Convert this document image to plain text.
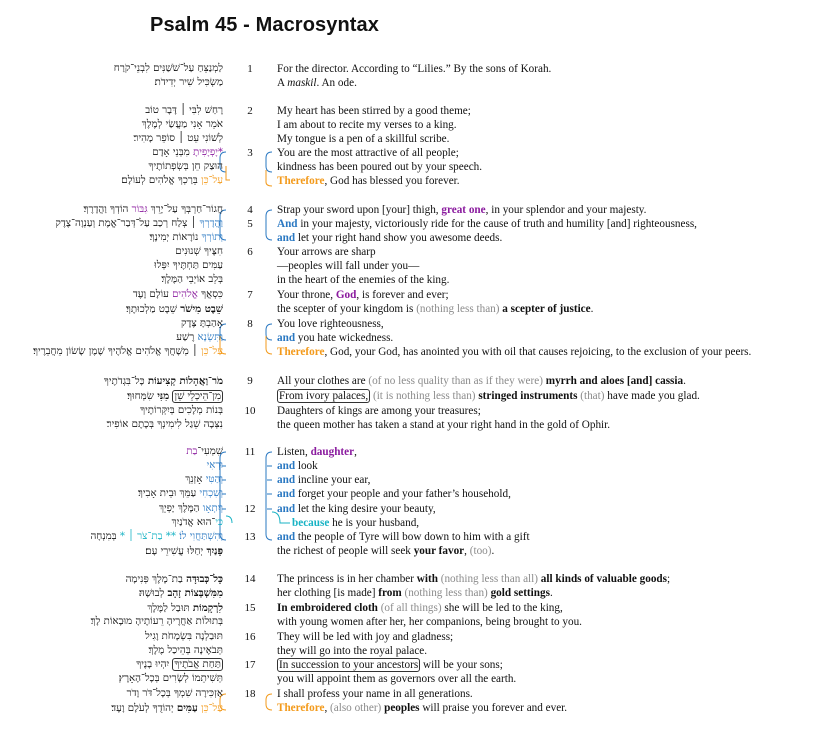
Psalm 45 - Macrosyntax
לַמְנַצֵּחַ עַל־שֹׁשַׁנִּים לִבְנֵי־קֹרַח	1	For the director. According to “Lilies.” By the sons of Korah.
מַשְׂכִּיל שִׁיר יְדִידֹת׃	A maskil. An ode.
רָחַשׁ לִבִּי ׀ דָּבָר טוֹב	2	My heart has been stirred by a good theme;
אֹמֵר אָנִי מַעֲשַׂי לְמֶלֶךְ	I am about to recite my verses to a king.
לְשׁוֹנִי עֵט ׀ סוֹפֵר מָהִיר׃	My tongue is a pen of a skillful scribe.
*יָפְיָפִיתָ מִבְּנֵי אָדָם	3	You are the most attractive of all people;
הוּצַק חֵן בְּשְׂפְתוֹתֶיךָ	kindness has been poured out by your speech.
עַל־כֵּן בֵּרַכְךָ אֱלֹהִים לְעוֹלָם׃	Therefore, God has blessed you forever.
חֲגוֹר־חַרְבְּךָ עַל־יָרֵךְ גִּבּוֹר הוֹדְךָ וַהֲדָרֶךָ׃	4	Strap your sword upon [your] thigh, great one, in your splendor and your majesty.
וַהֲדָרְךָ ׀ צְלַח רְכַב עַל־דְּבַר־אֱמֶת וְעַנְוָה־צֶדֶק	5	And in your majesty, victoriously ride for the cause of truth and humility [and] righteousness,
וְתוֹרְךָ נוֹרָאוֹת יְמִינֶךָ׃	and let your right hand show you awesome deeds.
חִצֶּיךָ שְׁנוּנִים	6	Your arrows are sharp
עַמִּים תַּחְתֶּיךָ יִפְּלוּ	—peoples will fall under you—
בְּלֵב אוֹיְבֵי הַמֶּלֶךְ׃	in the heart of the enemies of the king.
כִּסְאֲךָ אֱלֹהִים עוֹלָם וָעֶד	7	Your throne, God, is forever and ever;
שֵׁבֶט מִישֹׁר שֵׁבֶט מַלְכוּתֶךָ׃	the scepter of your kingdom is (nothing less than) a scepter of justice.
אָהַבְתָּ צֶּדֶק	8	You love righteousness,
וַתִּשְׂנָא רֶשַׁע	and you hate wickedness.
עַל־כֵּן ׀ מְשָׁחֲךָ אֱלֹהִים אֱלֹהֶיךָ שֶׁמֶן שָׂשׂוֹן מֵחֲבֵרֶיךָ׃	Therefore, God, your God, has anointed you with oil that causes rejoicing, to the exclusion of your peers.
מֹר־וַאֲהָלוֹת קְצִיעוֹת כָּל־בִּגְדֹתֶיךָ	9	All your clothes are (of no less quality than as if they were) myrrh and aloes [and] cassia.
מִן־הֵיכְלֵי שֵׁן מִנִּי שִׂמְּחוּךָ׃	From ivory palaces, (it is nothing less than) stringed instruments (that) have made you glad.
בְּנוֹת מְלָכִים בְּיִקְּרוֹתֶיךָ 10 Daughters of kings are among your treasures;
נִצְּבָה שֵׁגַל לִימִינְךָ בְּכֶתֶם אוֹפִיר׃	the queen mother has taken a stand at your right hand in the gold of Ophir.
שִׁמְעִי־בַת	11 Listen, daughter,
וּרְאִי	and look
וְהַטִּי אָזְנֵךְ	and incline your ear,
וְשִׁכְחִי עַמֵּךְ וּבֵית אָבִיךְ׃	and forget your people and your father’s household,
וְיִתְאָו הַמֶּלֶךְ יָפְיֵךְ	12 and let the king desire your beauty,
כִּי־הוּא אֲדֹנַיִךְ	because he is your husband,
וְהִשְׁתַּחֲוִי לוֹ׃ ** בַת־צֹר ׀ * בְּמִנְחָה	13 and the people of Tyre will bow down to him with a gift
פָּנַיִךְ יְחַלּוּ עֲשִׁירֵי עָם׃	the richest of people will seek your favor, (too).
כָּל־כְּבוּדָּה בַת־מֶלֶךְ פְּנִימָה	14 The princess is in her chamber with (nothing less than all) all kinds of valuable goods;
מִמִּשְׁבְּצוֹת זָהָב לְבוּשָׁהּ׃	her clothing [is made] from (nothing less than) gold settings.
לִרְקָמוֹת תּוּבַל לַמֶּלֶךְ	15 In embroidered cloth (of all things) she will be led to the king,
בְּתוּלוֹת אַחֲרֶיהָ רֵעוֹתֶיהָ מוּבָאוֹת לָךְ׃	with young women after her, her companions, being brought to you.
תּוּבַלְנָה בִּשְׂמָחֹת וָגִיל 16 They will be led with joy and gladness;
תְּבֹאֶינָה בְּהֵיכַל מֶלֶךְ׃	they will go into the royal palace.
תַּחַת אֲבֹתֶיךָ יִהְיוּ בָנֶיךָ	17 In succession to your ancestors will be your sons;
תְּשִׁיתֵמוֹ לְשָׂרִים בְּכָל־הָאָרֶץ׃	you will appoint them as governors over all the earth.
אַזְכִּירָה שִׁמְךָ בְּכָל־דֹּר וָדֹר 18 I shall profess your name in all generations.
עַל־כֵּן עַמִּים יְהוֹדֻךָ לְעֹלָם וָעֶד׃	Therefore, (also other) peoples will praise you forever and ever.
